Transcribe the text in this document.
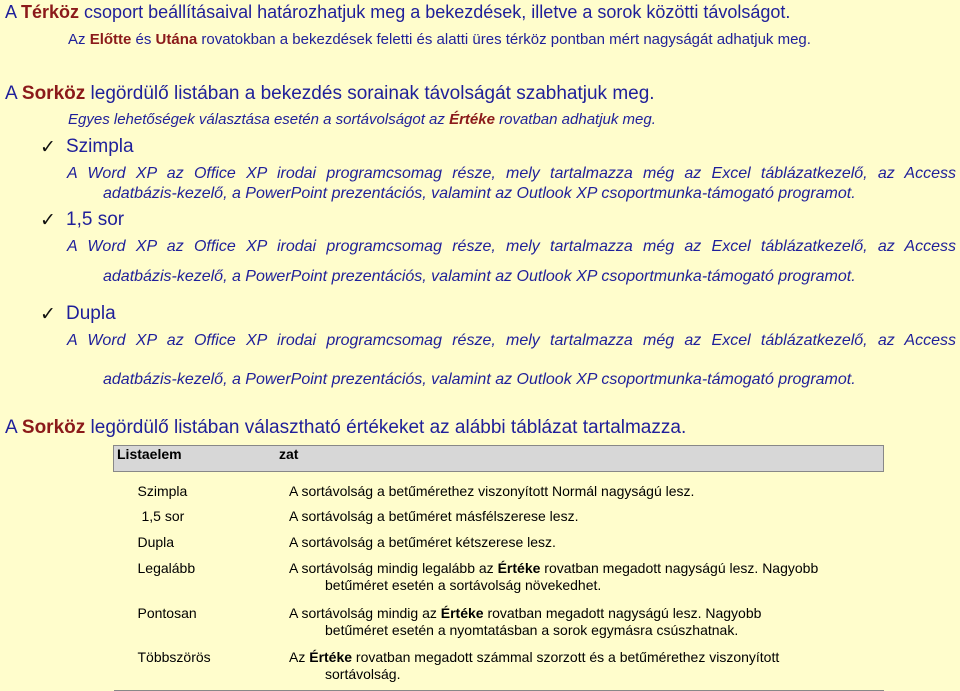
A Térköz csoport beállításaival határozhatjuk meg a bekezdések, illetve a sorok közötti távolságot.
Az Előtte és Utána rovatokban a bekezdések feletti és alatti üres térköz pontban mért nagyságát adhatjuk meg.
A Sorköz legördülő listában a bekezdés sorainak távolságát szabhatjuk meg.
Egyes lehetőségek választása esetén a sortávolságot az Értéke rovatban adhatjuk meg.
✓ Szimpla
A Word XP az Office XP irodai programcsomag része, mely tartalmazza még az Excel táblázatkezelő, az Access
adatbázis-kezelő, a PowerPoint prezentációs, valamint az Outlook XP csoportmunka-támogató programot.
✓ 1,5 sor
A Word XP az Office XP irodai programcsomag része, mely tartalmazza még az Excel táblázatkezelő, az Access
adatbázis-kezelő, a PowerPoint prezentációs, valamint az Outlook XP csoportmunka-támogató programot.
✓ Dupla
A Word XP az Office XP irodai programcsomag része, mely tartalmazza még az Excel táblázatkezelő, az Access
adatbázis-kezelő, a PowerPoint prezentációs, valamint az Outlook XP csoportmunka-támogató programot.
A Sorköz legördülő listában választható értékeket az alábbi táblázat tartalmazza.
Listaelem	zat

Szimpla	A sortávolság a betűmérethez viszonyított Normál nagyságú lesz.

1,5 sor	A sortávolság a betűméret másfélszerese lesz.

Dupla	A sortávolság a betűméret kétszerese lesz.

Legalább	A sortávolság mindig legalább az Értéke rovatban megadott nagyságú lesz. Nagyobb
betűméret esetén a sortávolság növekedhet.

Pontosan	A sortávolság mindig az Értéke rovatban megadott nagyságú lesz. Nagyobb
betűméret esetén a nyomtatásban a sorok egymásra csúszhatnak.

Többszörös	Az Értéke rovatban megadott számmal szorzott és a betűmérethez viszonyított
sortávolság.
